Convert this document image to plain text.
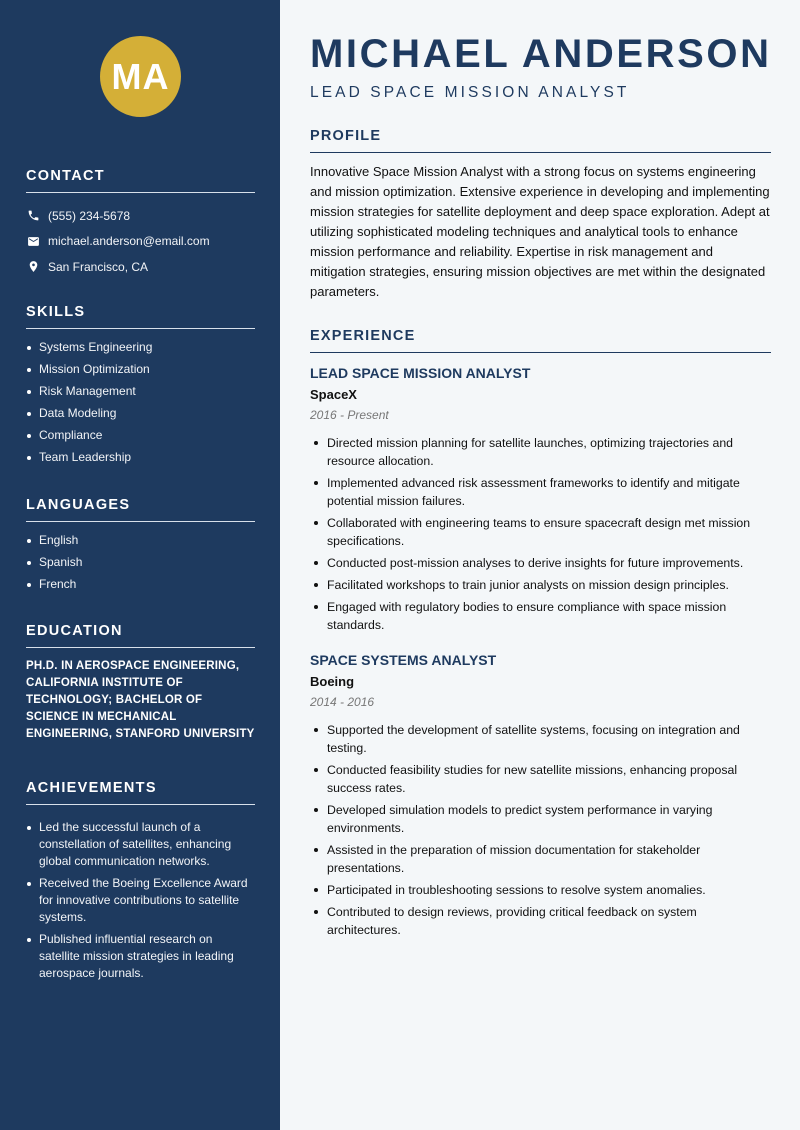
MA
CONTACT
(555) 234-5678
michael.anderson@email.com
San Francisco, CA
SKILLS
Systems Engineering
Mission Optimization
Risk Management
Data Modeling
Compliance
Team Leadership
LANGUAGES
English
Spanish
French
EDUCATION
PH.D. IN AEROSPACE ENGINEERING, CALIFORNIA INSTITUTE OF TECHNOLOGY; BACHELOR OF SCIENCE IN MECHANICAL ENGINEERING, STANFORD UNIVERSITY
ACHIEVEMENTS
Led the successful launch of a constellation of satellites, enhancing global communication networks.
Received the Boeing Excellence Award for innovative contributions to satellite systems.
Published influential research on satellite mission strategies in leading aerospace journals.
MICHAEL ANDERSON
LEAD SPACE MISSION ANALYST
PROFILE
Innovative Space Mission Analyst with a strong focus on systems engineering and mission optimization. Extensive experience in developing and implementing mission strategies for satellite deployment and deep space exploration. Adept at utilizing sophisticated modeling techniques and analytical tools to enhance mission performance and reliability. Expertise in risk management and mitigation strategies, ensuring mission objectives are met within the designated parameters.
EXPERIENCE
LEAD SPACE MISSION ANALYST
SpaceX
2016 - Present
Directed mission planning for satellite launches, optimizing trajectories and resource allocation.
Implemented advanced risk assessment frameworks to identify and mitigate potential mission failures.
Collaborated with engineering teams to ensure spacecraft design met mission specifications.
Conducted post-mission analyses to derive insights for future improvements.
Facilitated workshops to train junior analysts on mission design principles.
Engaged with regulatory bodies to ensure compliance with space mission standards.
SPACE SYSTEMS ANALYST
Boeing
2014 - 2016
Supported the development of satellite systems, focusing on integration and testing.
Conducted feasibility studies for new satellite missions, enhancing proposal success rates.
Developed simulation models to predict system performance in varying environments.
Assisted in the preparation of mission documentation for stakeholder presentations.
Participated in troubleshooting sessions to resolve system anomalies.
Contributed to design reviews, providing critical feedback on system architectures.
